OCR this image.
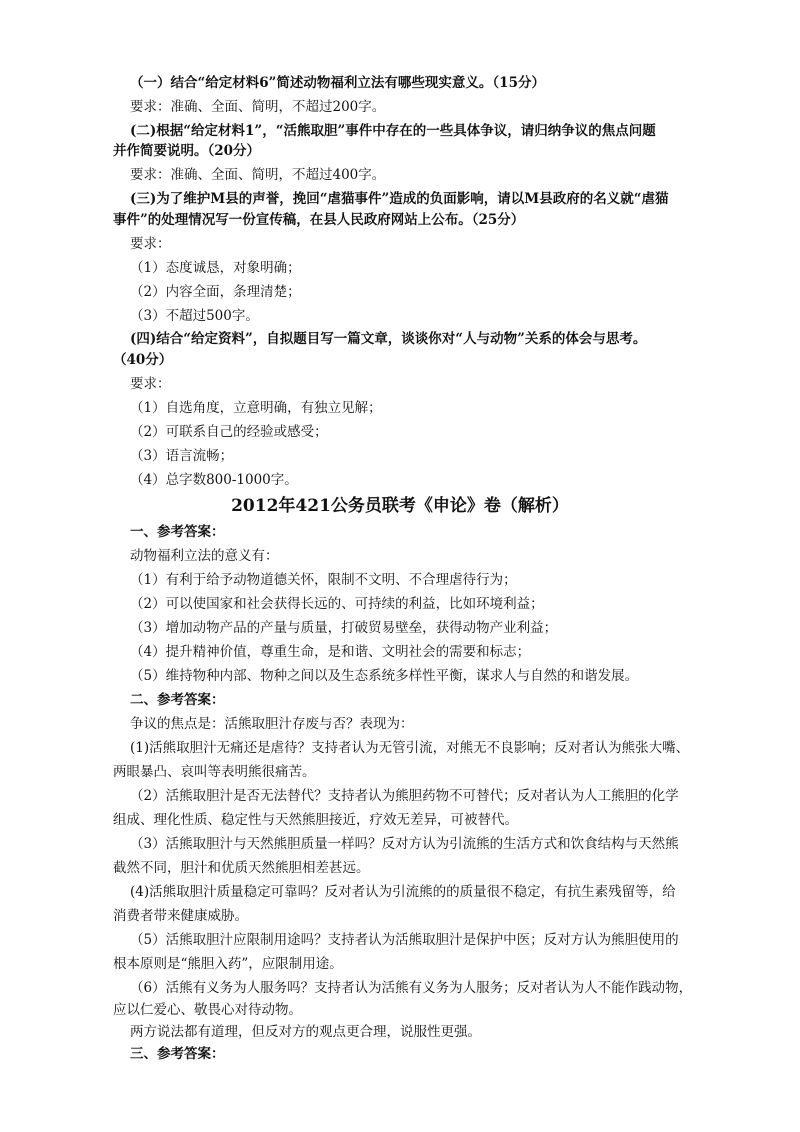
（一）结合“给定材料6”简述动物福利立法有哪些现实意义。（15分）
要求：准确、全面、简明，不超过200字。
(二)根据“给定材料1”，“活熊取胆”事件中存在的一些具体争议，请归纳争议的焦点问题
并作简要说明。（20分）
要求：准确、全面、简明，不超过400字。
(三)为了维护M县的声誉，挽回“虐猫事件”造成的负面影响，请以M县政府的名义就“虐猫
事件”的处理情况写一份宣传稿，在县人民政府网站上公布。（25分）
要求：
（1）态度诚恳，对象明确；
（2）内容全面，条理清楚；
（3）不超过500字。
(四)结合“给定资料”，自拟题目写一篇文章，谈谈你对“人与动物”关系的体会与思考。
（40分）
要求：
（1）自选角度，立意明确，有独立见解；
（2）可联系自己的经验或感受；
（3）语言流畅；
（4）总字数800-1000字。
2012年421公务员联考《申论》卷（解析）
一、参考答案：
动物福利立法的意义有：
（1）有利于给予动物道德关怀，限制不文明、不合理虐待行为；
（2）可以使国家和社会获得长远的、可持续的利益，比如环境利益；
（3）增加动物产品的产量与质量，打破贸易壁垒，获得动物产业利益；
（4）提升精神价值，尊重生命，是和谐、文明社会的需要和标志；
（5）维持物种内部、物种之间以及生态系统多样性平衡，谋求人与自然的和谐发展。
二、参考答案：
争议的焦点是：活熊取胆汁存废与否？表现为：
(1)活熊取胆汁无痛还是虐待？支持者认为无管引流，对熊无不良影响；反对者认为熊张大嘴、
两眼暴凸、哀叫等表明熊很痛苦。
（2）活熊取胆汁是否无法替代？支持者认为熊胆药物不可替代；反对者认为人工熊胆的化学
组成、理化性质、稳定性与天然熊胆接近，疗效无差异，可被替代。
（3）活熊取胆汁与天然熊胆质量一样吗？反对方认为引流熊的生活方式和饮食结构与天然熊
截然不同，胆汁和优质天然熊胆相差甚远。
(4)活熊取胆汁质量稳定可靠吗？反对者认为引流熊的的质量很不稳定，有抗生素残留等，给
消费者带来健康威胁。
（5）活熊取胆汁应限制用途吗？支持者认为活熊取胆汁是保护中医；反对方认为熊胆使用的
根本原则是“熊胆入药”，应限制用途。
（6）活熊有义务为人服务吗？支持者认为活熊有义务为人服务；反对者认为人不能作践动物，
应以仁爱心、敬畏心对待动物。
两方说法都有道理，但反对方的观点更合理，说服性更强。
三、参考答案：
